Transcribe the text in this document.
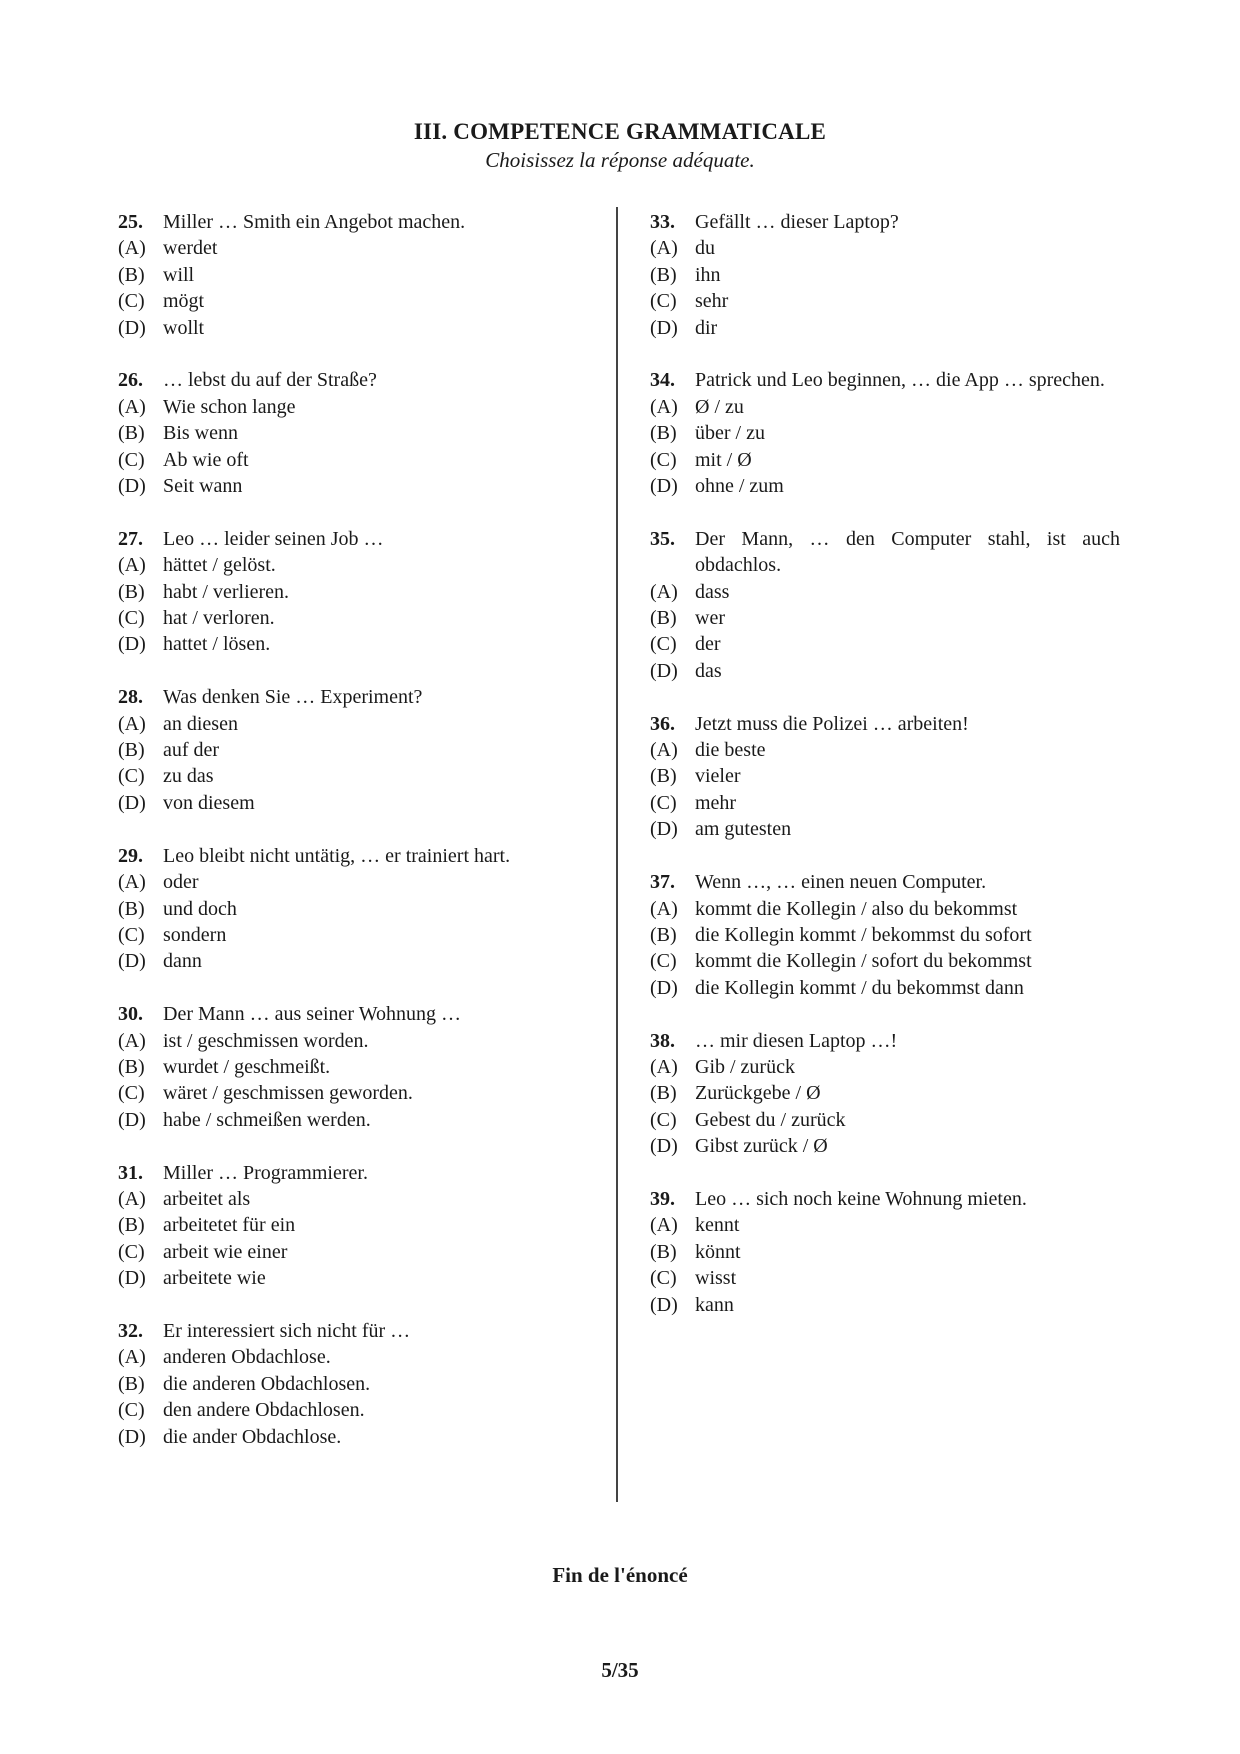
III. COMPETENCE GRAMMATICALE
Choisissez la réponse adéquate.
25.	Miller … Smith ein Angebot machen.
(A) werdet
(B) will
(C) mögt
(D) wollt
26.	… lebst du auf der Straße?
(A) Wie schon lange
(B) Bis wenn
(C) Ab wie oft
(D) Seit wann
27.	Leo … leider seinen Job …
(A) hättet / gelöst.
(B) habt / verlieren.
(C) hat / verloren.
(D) hattet / lösen.
28.	Was denken Sie … Experiment?
(A) an diesen
(B) auf der
(C) zu das
(D) von diesem
29.	Leo bleibt nicht untätig, … er trainiert hart.
(A) oder
(B) und doch
(C) sondern
(D) dann
30.	Der Mann … aus seiner Wohnung …
(A) ist / geschmissen worden.
(B) wurdet / geschmeißt.
(C) wäret / geschmissen geworden.
(D) habe / schmeißen werden.
31.	Miller … Programmierer.
(A) arbeitet als
(B) arbeitetet für ein
(C) arbeit wie einer
(D) arbeitete wie
32.	Er interessiert sich nicht für …
(A) anderen Obdachlose.
(B) die anderen Obdachlosen.
(C) den andere Obdachlosen.
(D) die ander Obdachlose.
33.	Gefällt … dieser Laptop?
(A) du
(B) ihn
(C) sehr
(D) dir
34.	Patrick und Leo beginnen, … die App … sprechen.
(A) Ø / zu
(B) über / zu
(C) mit / Ø
(D) ohne / zum
35.	Der Mann, … den Computer stahl, ist auch obdachlos.
(A) dass
(B) wer
(C) der
(D) das
36.	Jetzt muss die Polizei … arbeiten!
(A) die beste
(B) vieler
(C) mehr
(D) am gutesten
37.	Wenn …, … einen neuen Computer.
(A) kommt die Kollegin / also du bekommst
(B) die Kollegin kommt / bekommst du sofort
(C) kommt die Kollegin / sofort du bekommst
(D) die Kollegin kommt / du bekommst dann
38.	… mir diesen Laptop …!
(A) Gib / zurück
(B) Zurückgebe / Ø
(C) Gebest du / zurück
(D) Gibst zurück / Ø
39.	Leo … sich noch keine Wohnung mieten.
(A) kennt
(B) könnt
(C) wisst
(D) kann
Fin de l'énoncé
5/35
